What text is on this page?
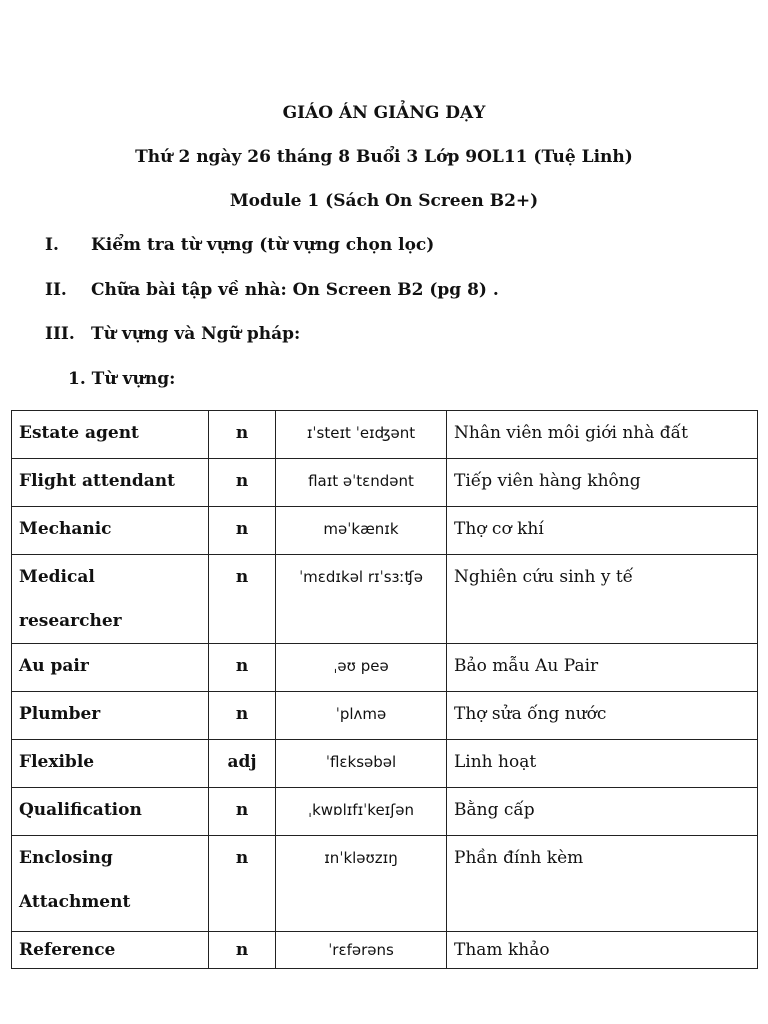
GIÁO ÁN GIẢNG DẠY
Thứ 2 ngày 26 tháng 8 Buổi 3 Lớp 9OL11 (Tuệ Linh)
Module 1 (Sách On Screen B2+)
I. Kiểm tra từ vựng (từ vựng chọn lọc)
II. Chữa bài tập về nhà: On Screen B2 (pg 8) .
III. Từ vựng và Ngữ pháp:
1. Từ vựng:
Estate agent	n	ɪˈsteɪt ˈeɪʤənt	Nhân viên môi giới nhà đất
Flight attendant	n	flaɪt əˈtɛndənt	Tiếp viên hàng không
Mechanic	n	məˈkænɪk	Thợ cơ khí
Medical researcher	n	ˈmɛdɪkəl rɪˈsɜːʧə	Nghiên cứu sinh y tế
Au pair	n	ˌəʊ peə	Bảo mẫu Au Pair
Plumber	n	ˈplʌmə	Thợ sửa ống nước
Flexible	adj	ˈflɛksəbəl	Linh hoạt
Qualification	n	ˌkwɒlɪfɪˈkeɪʃən	Bằng cấp
Enclosing Attachment	n	ɪnˈkləʊzɪŋ	Phần đính kèm
Reference	n	ˈrɛfərəns	Tham khảo
